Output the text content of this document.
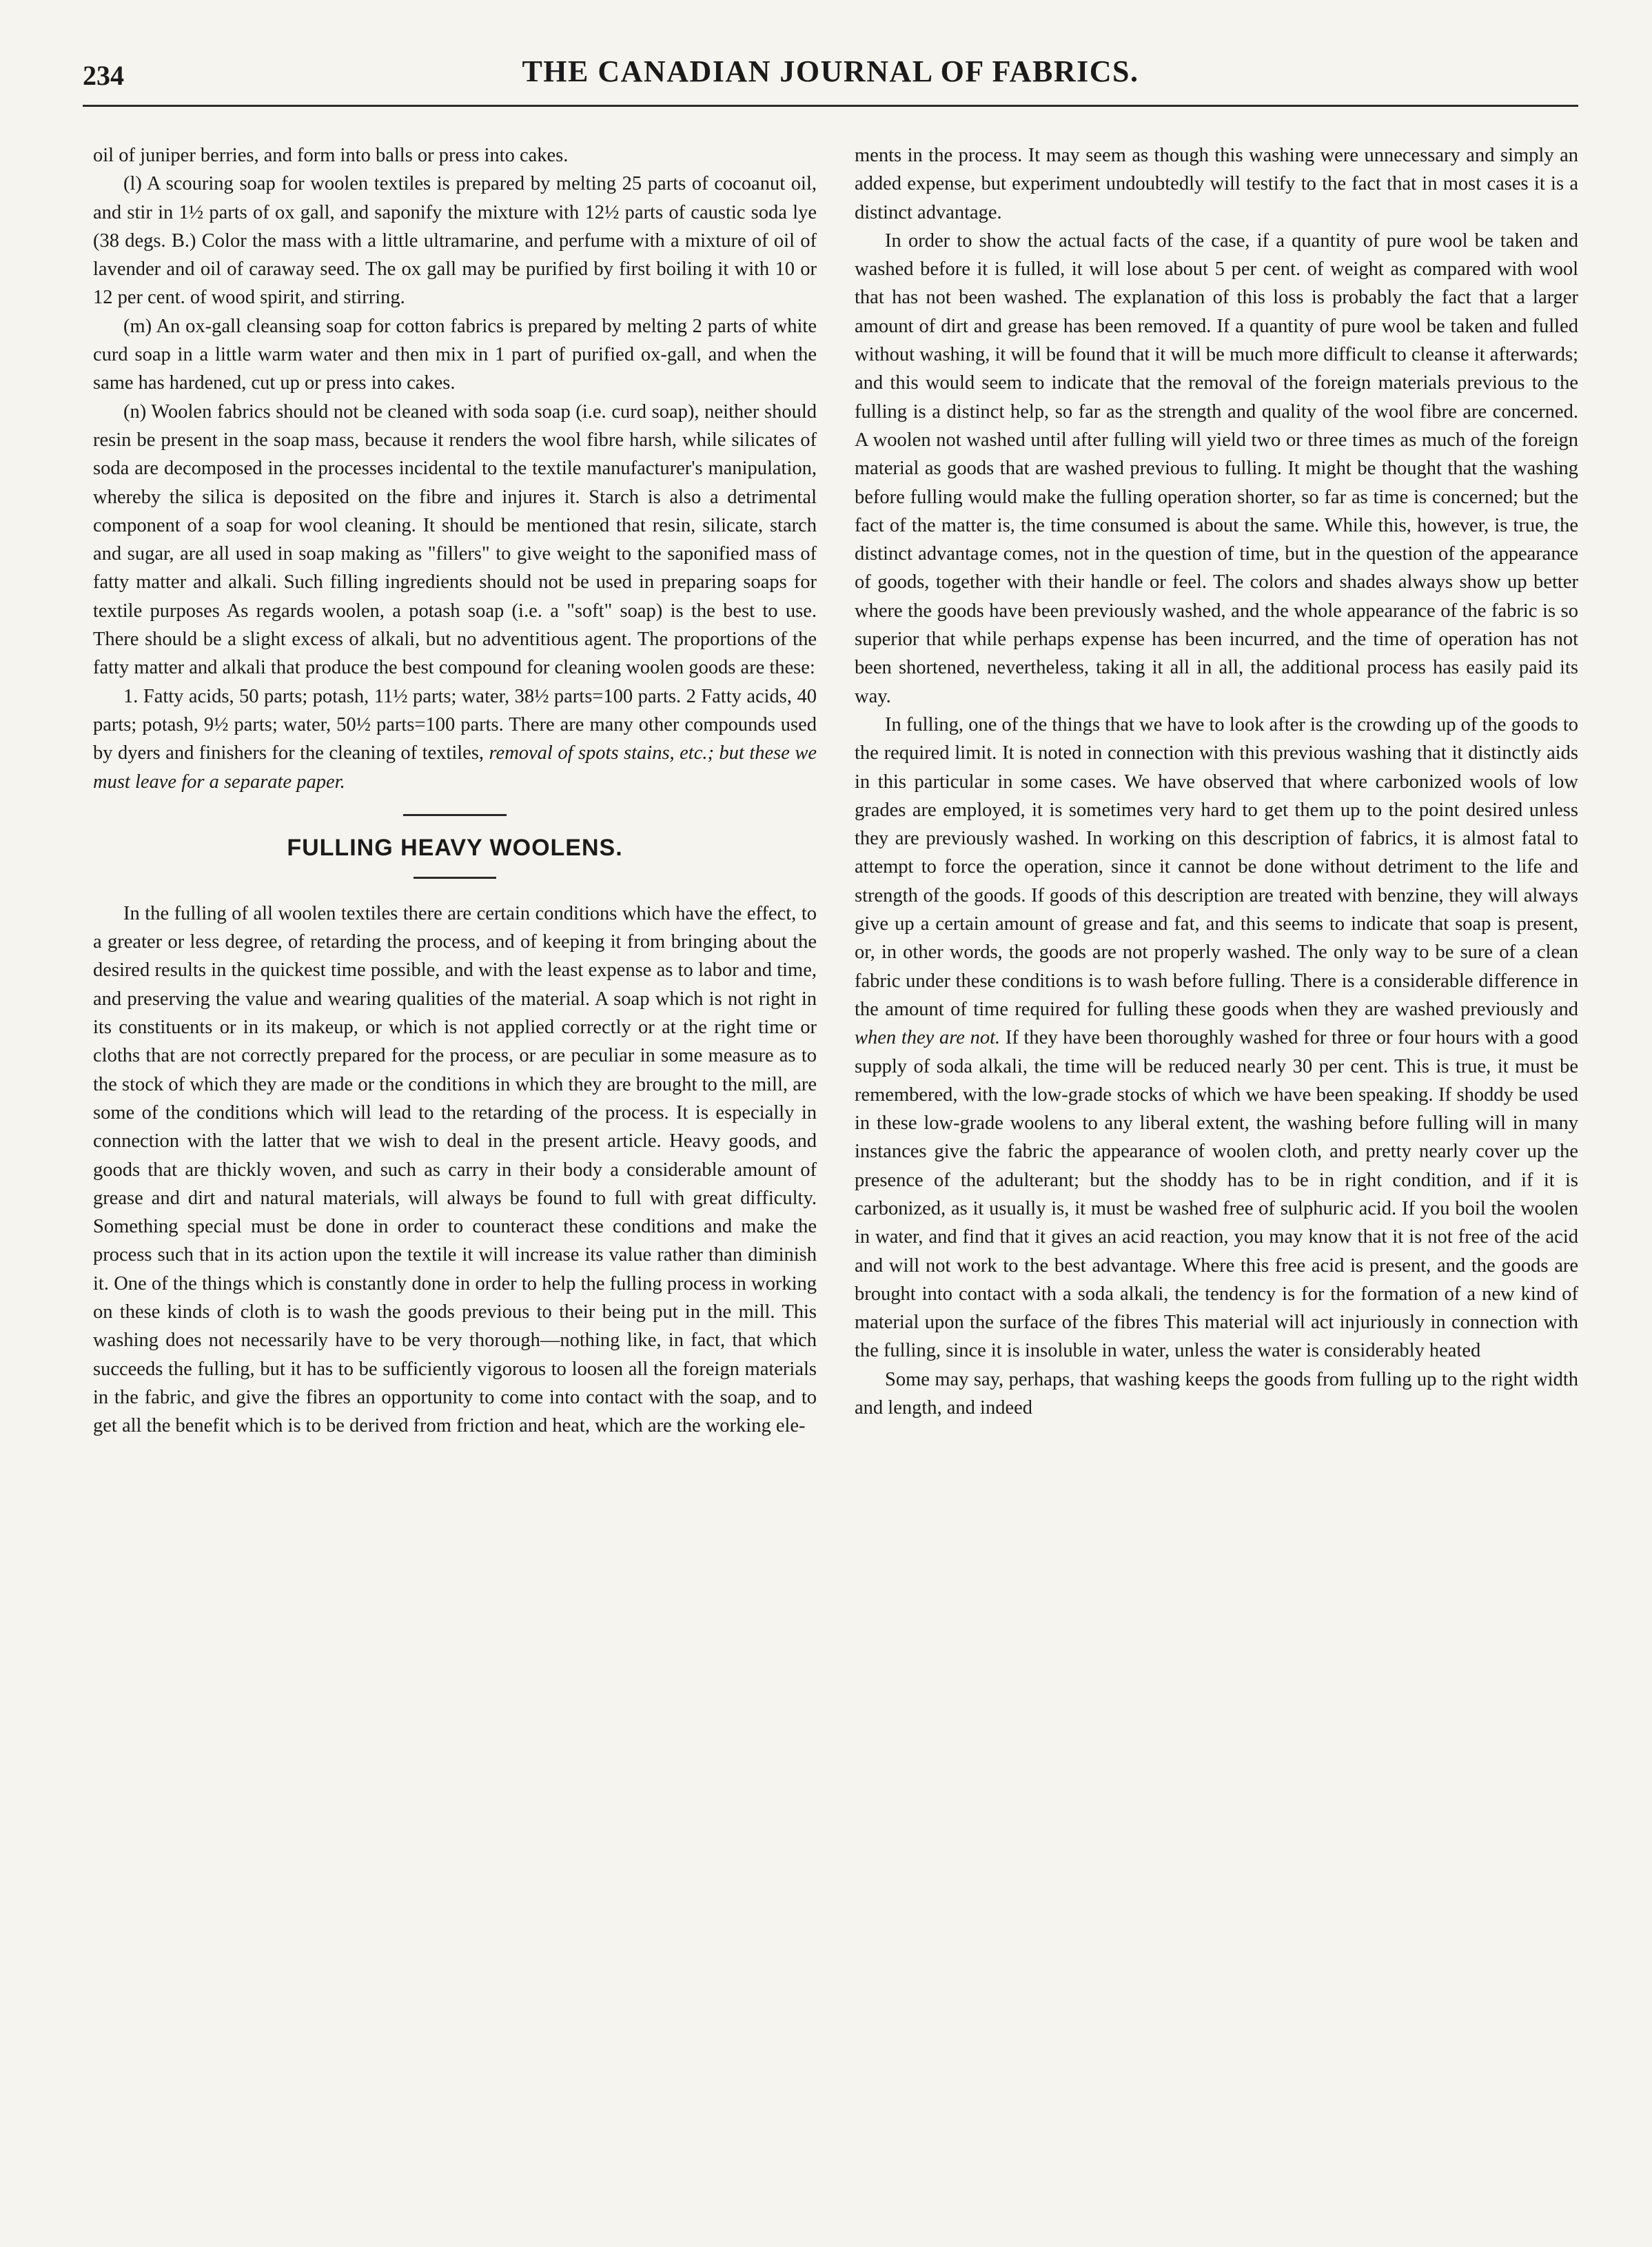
234	THE CANADIAN JOURNAL OF FABRICS.

oil of juniper berries, and form into balls or press into cakes.

(l) A scouring soap for woolen textiles is prepared by melting 25 parts of cocoanut oil, and stir in 1½ parts of ox gall, and saponify the mixture with 12½ parts of caustic soda lye (38 degs. B.) Color the mass with a little ultramarine, and perfume with a mixture of oil of lavender and oil of caraway seed. The ox gall may be purified by first boiling it with 10 or 12 per cent. of wood spirit, and stirring.

(m) An ox-gall cleansing soap for cotton fabrics is prepared by melting 2 parts of white curd soap in a little warm water and then mix in 1 part of purified ox-gall, and when the same has hardened, cut up or press into cakes.

(n) Woolen fabrics should not be cleaned with soda soap (i.e. curd soap), neither should resin be present in the soap mass, because it renders the wool fibre harsh, while silicates of soda are decomposed in the processes incidental to the textile manufacturer's manipulation, whereby the silica is deposited on the fibre and injures it. Starch is also a detrimental component of a soap for wool cleaning. It should be mentioned that resin, silicate, starch and sugar, are all used in soap making as "fillers" to give weight to the saponified mass of fatty matter and alkali. Such filling ingredients should not be used in preparing soaps for textile purposes As regards woolen, a potash soap (i.e. a "soft" soap) is the best to use. There should be a slight excess of alkali, but no adventitious agent. The proportions of the fatty matter and alkali that produce the best compound for cleaning woolen goods are these:

1. Fatty acids, 50 parts; potash, 11½ parts; water, 38½ parts=100 parts. 2 Fatty acids, 40 parts; potash, 9½ parts; water, 50½ parts=100 parts. There are many other compounds used by dyers and finishers for the cleaning of textiles, removal of spots stains, etc.; but these we must leave for a separate paper.

FULLING HEAVY WOOLENS.

In the fulling of all woolen textiles there are certain conditions which have the effect, to a greater or less degree, of retarding the process, and of keeping it from bringing about the desired results in the quickest time possible, and with the least expense as to labor and time, and preserving the value and wearing qualities of the material. A soap which is not right in its constituents or in its makeup, or which is not applied correctly or at the right time or cloths that are not correctly prepared for the process, or are peculiar in some measure as to the stock of which they are made or the conditions in which they are brought to the mill, are some of the conditions which will lead to the retarding of the process. It is especially in connection with the latter that we wish to deal in the present article. Heavy goods, and goods that are thickly woven, and such as carry in their body a considerable amount of grease and dirt and natural materials, will always be found to full with great difficulty. Something special must be done in order to counteract these conditions and make the process such that in its action upon the textile it will increase its value rather than diminish it. One of the things which is constantly done in order to help the fulling process in working on these kinds of cloth is to wash the goods previous to their being put in the mill. This washing does not necessarily have to be very thorough—nothing like, in fact, that which succeeds the fulling, but it has to be sufficiently vigorous to loosen all the foreign materials in the fabric, and give the fibres an opportunity to come into contact with the soap, and to get all the benefit which is to be derived from friction and heat, which are the working ele-

ments in the process. It may seem as though this washing were unnecessary and simply an added expense, but experiment undoubtedly will testify to the fact that in most cases it is a distinct advantage.

In order to show the actual facts of the case, if a quantity of pure wool be taken and washed before it is fulled, it will lose about 5 per cent. of weight as compared with wool that has not been washed. The explanation of this loss is probably the fact that a larger amount of dirt and grease has been removed. If a quantity of pure wool be taken and fulled without washing, it will be found that it will be much more difficult to cleanse it afterwards; and this would seem to indicate that the removal of the foreign materials previous to the fulling is a distinct help, so far as the strength and quality of the wool fibre are concerned. A woolen not washed until after fulling will yield two or three times as much of the foreign material as goods that are washed previous to fulling. It might be thought that the washing before fulling would make the fulling operation shorter, so far as time is concerned; but the fact of the matter is, the time consumed is about the same. While this, however, is true, the distinct advantage comes, not in the question of time, but in the question of the appearance of goods, together with their handle or feel. The colors and shades always show up better where the goods have been previously washed, and the whole appearance of the fabric is so superior that while perhaps expense has been incurred, and the time of operation has not been shortened, nevertheless, taking it all in all, the additional process has easily paid its way.

In fulling, one of the things that we have to look after is the crowding up of the goods to the required limit. It is noted in connection with this previous washing that it distinctly aids in this particular in some cases. We have observed that where carbonized wools of low grades are employed, it is sometimes very hard to get them up to the point desired unless they are previously washed. In working on this description of fabrics, it is almost fatal to attempt to force the operation, since it cannot be done without detriment to the life and strength of the goods. If goods of this description are treated with benzine, they will always give up a certain amount of grease and fat, and this seems to indicate that soap is present, or, in other words, the goods are not properly washed. The only way to be sure of a clean fabric under these conditions is to wash before fulling. There is a considerable difference in the amount of time required for fulling these goods when they are washed previously and when they are not. If they have been thoroughly washed for three or four hours with a good supply of soda alkali, the time will be reduced nearly 30 per cent. This is true, it must be remembered, with the low-grade stocks of which we have been speaking. If shoddy be used in these low-grade woolens to any liberal extent, the washing before fulling will in many instances give the fabric the appearance of woolen cloth, and pretty nearly cover up the presence of the adulterant; but the shoddy has to be in right condition, and if it is carbonized, as it usually is, it must be washed free of sulphuric acid. If you boil the woolen in water, and find that it gives an acid reaction, you may know that it is not free of the acid and will not work to the best advantage. Where this free acid is present, and the goods are brought into contact with a soda alkali, the tendency is for the formation of a new kind of material upon the surface of the fibres This material will act injuriously in connection with the fulling, since it is insoluble in water, unless the water is considerably heated

Some may say, perhaps, that washing keeps the goods from fulling up to the right width and length, and indeed
